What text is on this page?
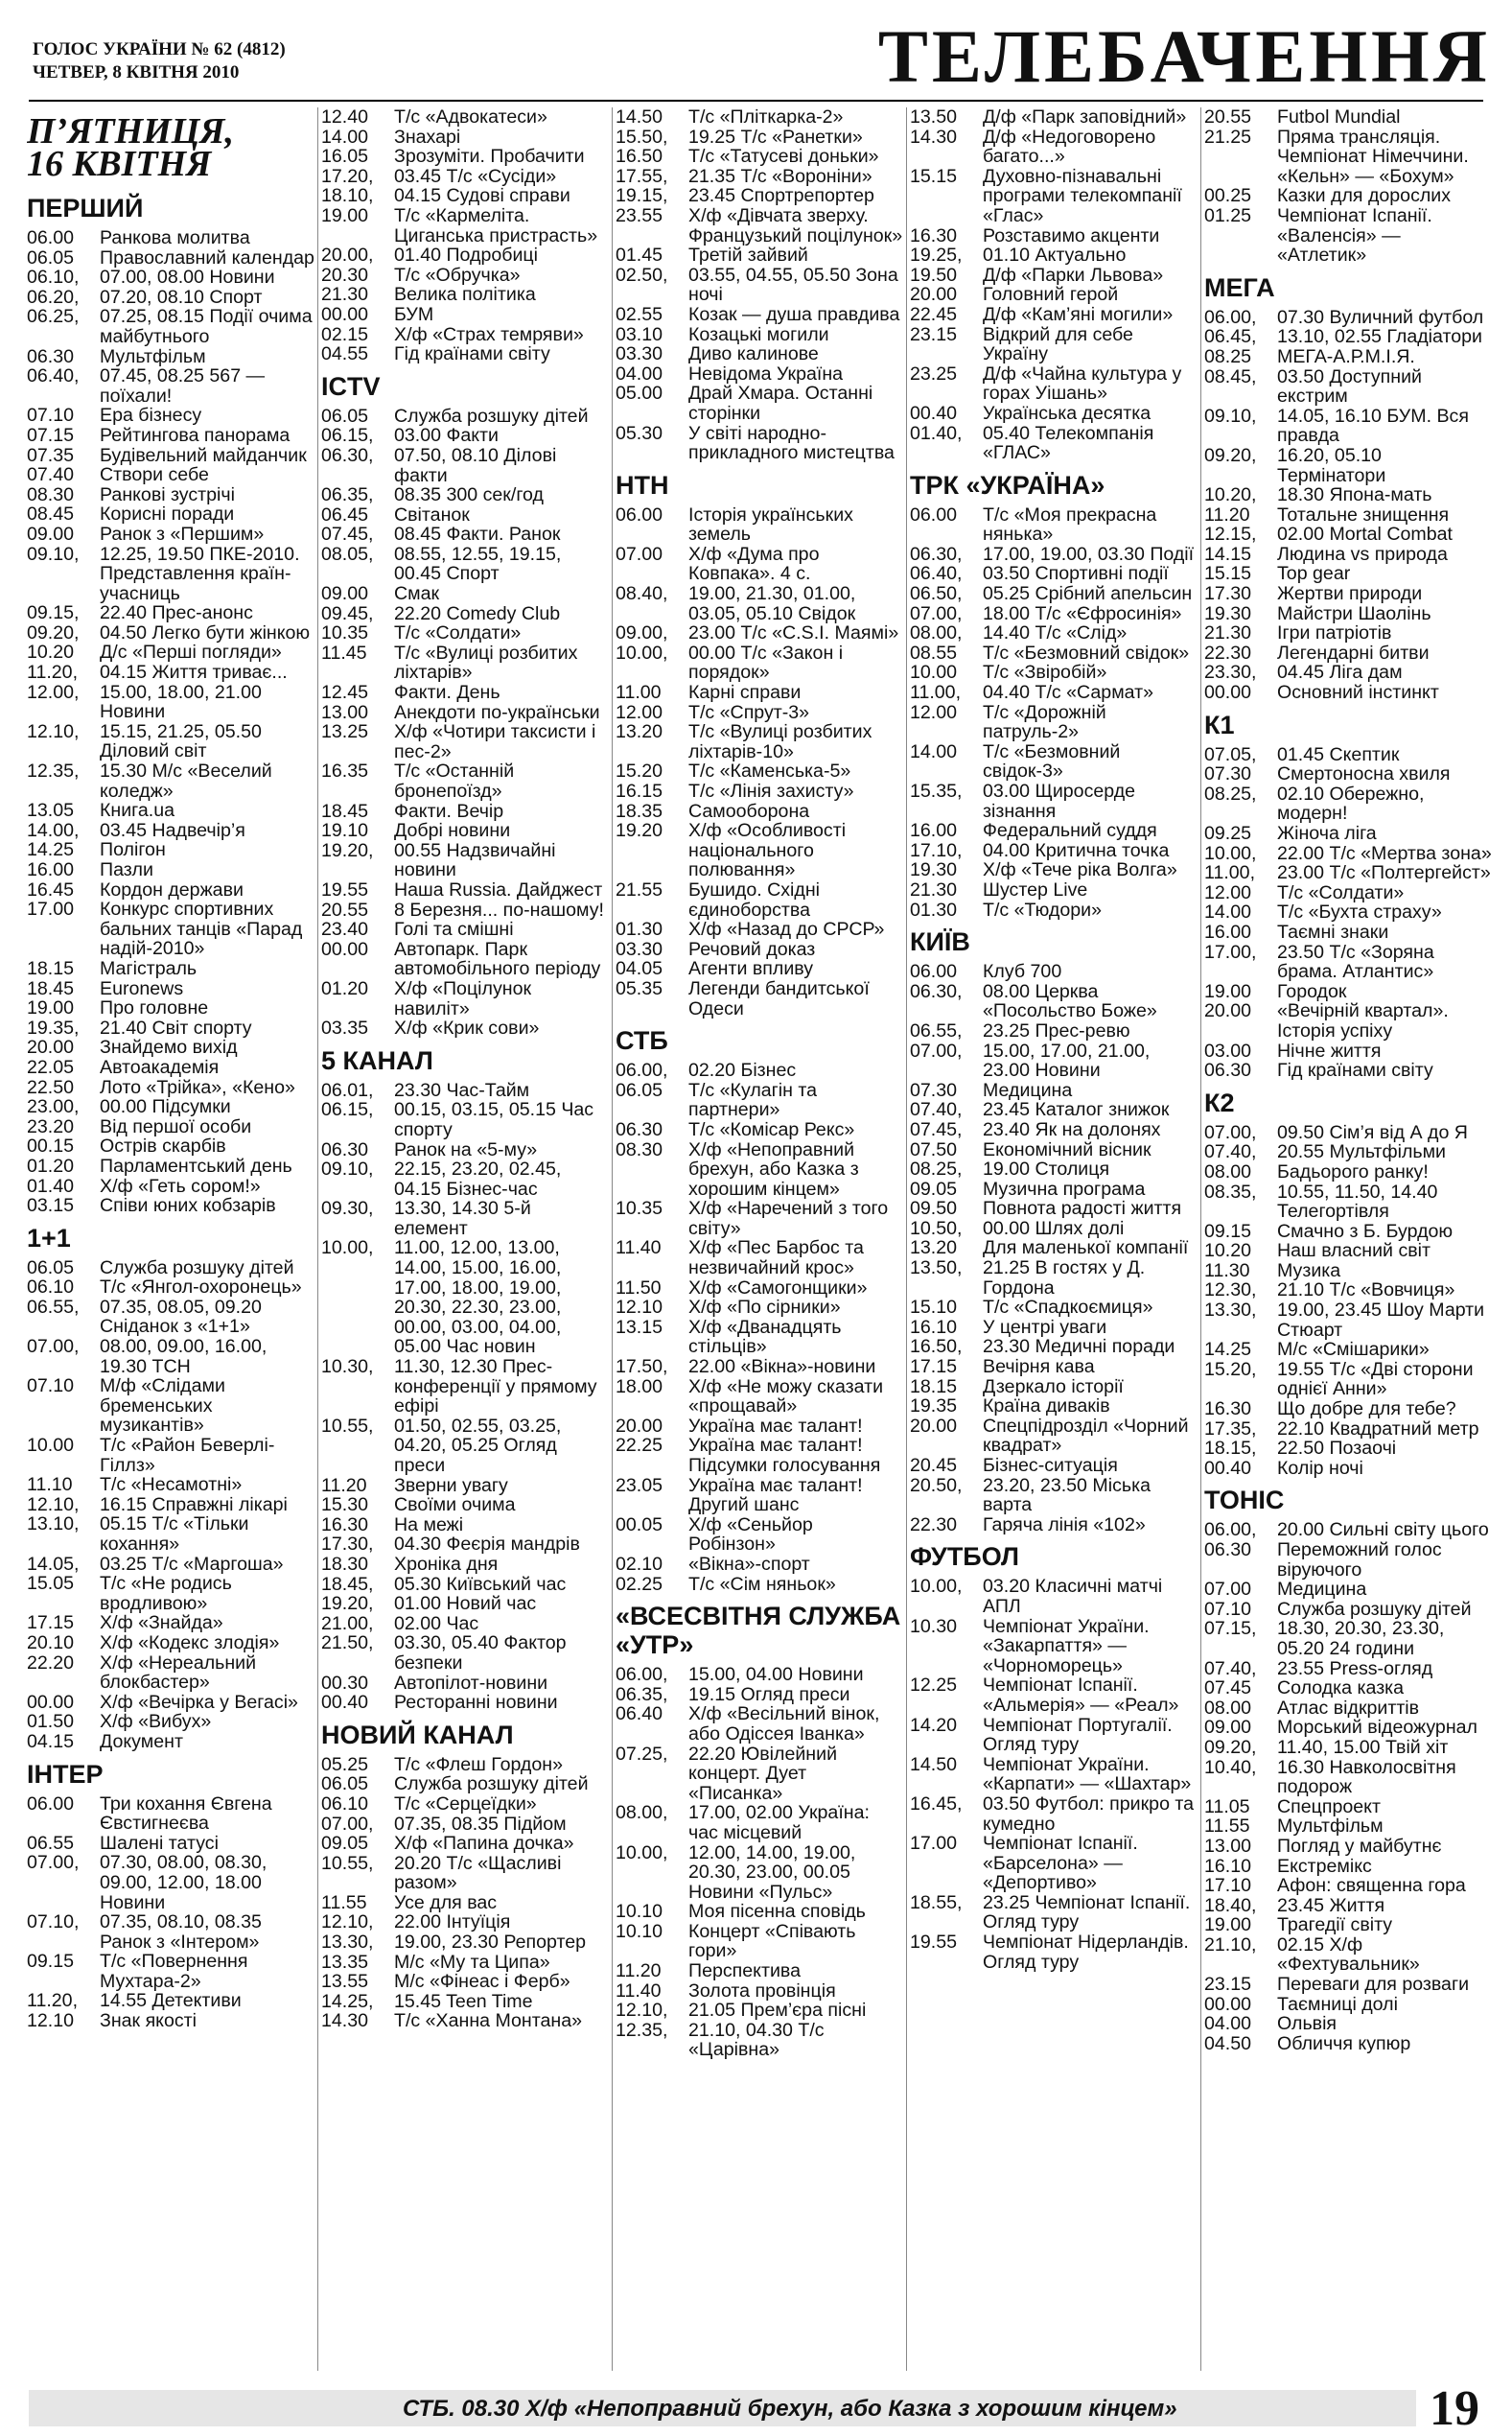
ГОЛОС УКРАЇНИ № 62 (4812)
ЧЕТВЕР, 8 КВІТНЯ 2010	ТЕЛЕБАЧЕННЯ
П’ЯТНИЦЯ,
16 КВІТНЯ
ПЕРШИЙ
06.00	Ранкова молитва
06.05	Православний календар
06.10,	07.00, 08.00 Новини
06.20,	07.20, 08.10 Спорт
06.25,	07.25, 08.15 Події очима майбутнього
06.30	Мультфільм
06.40,	07.45, 08.25 567 — поїхали!
07.10	Ера бізнесу
07.15	Рейтингова панорама
07.35	Будівельний майданчик
07.40	Створи себе
08.30	Ранкові зустрічі
08.45	Корисні поради
09.00	Ранок з «Першим»
09.10,	12.25, 19.50 ПКЕ-2010. Представлення країн-учасниць
09.15,	22.40 Прес-анонс
09.20,	04.50 Легко бути жінкою
10.20	Д/с «Перші погляди»
11.20,	04.15 Життя триває...
12.00,	15.00, 18.00, 21.00 Новини
12.10,	15.15, 21.25, 05.50 Діловий світ
12.35,	15.30 М/с «Веселий коледж»
13.05	Книга.ua
14.00,	03.45 Надвечір’я
14.25	Полігон
16.00	Пазли
16.45	Кордон держави
17.00	Конкурс спортивних бальних танців «Парад надій-2010»
18.15	Магістраль
18.45	Euronews
19.00	Про головне
19.35,	21.40 Світ спорту
20.00	Знайдемо вихід
22.05	Автоакадемія
22.50	Лото «Трійка», «Кено»
23.00,	00.00 Підсумки
23.20	Від першої особи
00.15	Острів скарбів
01.20	Парламентський день
01.40	Х/ф «Геть сором!»
03.15	Співи юних кобзарів
1+1
06.05	Служба розшуку дітей
06.10	Т/с «Янгол-охоронець»
06.55,	07.35, 08.05, 09.20 Сніданок з «1+1»
07.00,	08.00, 09.00, 16.00, 19.30 ТСН
07.10	М/ф «Слідами бременських музикантів»
10.00	Т/с «Район Беверлі-Гіллз»
11.10	Т/с «Несамотні»
12.10,	16.15 Справжні лікарі
13.10,	05.15 Т/с «Тільки кохання»
14.05,	03.25 Т/с «Маргоша»
15.05	Т/с «Не родись вродливою»
17.15	Х/ф «Знайда»
20.10	Х/ф «Кодекс злодія»
22.20	Х/ф «Нереальний блокбастер»
00.00	Х/ф «Вечірка у Вегасі»
01.50	Х/ф «Вибух»
04.15	Документ
ІНТЕР
06.00	Три кохання Євгена Євстигнеєва
06.55	Шалені татусі
07.00,	07.30, 08.00, 08.30, 09.00, 12.00, 18.00 Новини
07.10,	07.35, 08.10, 08.35 Ранок з «Інтером»
09.15	Т/с «Повернення Мухтара-2»
11.20,	14.55 Детективи
12.10	Знак якості
12.40	Т/с «Адвокатеси»
14.00	Знахарі
16.05	Зрозуміти. Пробачити
17.20,	03.45 Т/с «Сусіди»
18.10,	04.15 Судові справи
19.00	Т/с «Кармеліта. Циганська пристрасть»
20.00,	01.40 Подробиці
20.30	Т/с «Обручка»
21.30	Велика політика
00.00	БУМ
02.15	Х/ф «Страх темряви»
04.55	Гід країнами світу
ICTV
06.05	Служба розшуку дітей
06.15,	03.00 Факти
06.30,	07.50, 08.10 Ділові факти
06.35,	08.35 300 сек/год
06.45	Світанок
07.45,	08.45 Факти. Ранок
08.05,	08.55, 12.55, 19.15, 00.45 Спорт
09.00	Смак
09.45,	22.20 Comedy Club
10.35	Т/с «Солдати»
11.45	Т/с «Вулиці розбитих ліхтарів»
12.45	Факти. День
13.00	Анекдоти по-українськи
13.25	Х/ф «Чотири таксисти і пес-2»
16.35	Т/с «Останній бронепоїзд»
18.45	Факти. Вечір
19.10	Добрі новини
19.20,	00.55 Надзвичайні новини
19.55	Наша Russia. Дайджест
20.55	8 Березня... по-нашому!
23.40	Голі та смішні
00.00	Автопарк. Парк автомобільного періоду
01.20	Х/ф «Поцілунок навиліт»
03.35	Х/ф «Крик сови»
5 КАНАЛ
06.01,	23.30 Час-Тайм
06.15,	00.15, 03.15, 05.15 Час спорту
06.30	Ранок на «5-му»
09.10,	22.15, 23.20, 02.45, 04.15 Бізнес-час
09.30,	13.30, 14.30 5-й елемент
10.00,	11.00, 12.00, 13.00, 14.00, 15.00, 16.00, 17.00, 18.00, 19.00, 20.30, 22.30, 23.00, 00.00, 03.00, 04.00, 05.00 Час новин
10.30,	11.30, 12.30 Прес-конференції у прямому ефірі
10.55,	01.50, 02.55, 03.25, 04.20, 05.25 Огляд преси
11.20	Зверни увагу
15.30	Своїми очима
16.30	На межі
17.30,	04.30 Феєрія мандрів
18.30	Хроніка дня
18.45,	05.30 Київський час
19.20,	01.00 Новий час
21.00,	02.00 Час
21.50,	03.30, 05.40 Фактор безпеки
00.30	Автопілот-новини
00.40	Ресторанні новини
НОВИЙ КАНАЛ
05.25	Т/с «Флеш Гордон»
06.05	Служба розшуку дітей
06.10	Т/с «Серцеїдки»
07.00,	07.35, 08.35 Підйом
09.05	Х/ф «Папина дочка»
10.55,	20.20 Т/с «Щасливі разом»
11.55	Усе для вас
12.10,	22.00 Інтуїція
13.30,	19.00, 23.30 Репортер
13.35	М/с «Му та Ципа»
13.55	М/с «Фінеас і Ферб»
14.25,	15.45 Teen Time
14.30	Т/с «Ханна Монтана»
14.50	Т/с «Пліткарка-2»
15.50,	19.25 Т/с «Ранетки»
16.50	Т/с «Татусеві доньки»
17.55,	21.35 Т/с «Вороніни»
19.15,	23.45 Спортрепортер
23.55	Х/ф «Дівчата зверху. Французький поцілунок»
01.45	Третій зайвий
02.50,	03.55, 04.55, 05.50 Зона ночі
02.55	Козак — душа правдива
03.10	Козацькі могили
03.30	Диво калинове
04.00	Невідома Україна
05.00	Драй Хмара. Останні сторінки
05.30	У світі народно-прикладного мистецтва
НТН
06.00	Історія українських земель
07.00	Х/ф «Дума про Ковпака». 4 с.
08.40,	19.00, 21.30, 01.00, 03.05, 05.10 Свідок
09.00,	23.00 Т/с «C.S.I. Маямі»
10.00,	00.00 Т/с «Закон і порядок»
11.00	Карні справи
12.00	Т/с «Спрут-3»
13.20	Т/с «Вулиці розбитих ліхтарів-10»
15.20	Т/с «Каменська-5»
16.15	Т/с «Лінія захисту»
18.35	Самооборона
19.20	Х/ф «Особливості національного полювання»
21.55	Бушидо. Східні єдиноборства
01.30	Х/ф «Назад до СРСР»
03.30	Речовий доказ
04.05	Агенти впливу
05.35	Легенди бандитської Одеси
СТБ
06.00,	02.20 Бізнес
06.05	Т/с «Кулагін та партнери»
06.30	Т/с «Комісар Рекс»
08.30	Х/ф «Непоправний брехун, або Казка з хорошим кінцем»
10.35	Х/ф «Наречений з того світу»
11.40	Х/ф «Пес Барбос та незвичайний крос»
11.50	Х/ф «Самогонщики»
12.10	Х/ф «По сірники»
13.15	Х/ф «Дванадцять стільців»
17.50,	22.00 «Вікна»-новини
18.00	Х/ф «Не можу сказати «прощавай»
20.00	Україна має талант!
22.25	Україна має талант! Підсумки голосування
23.05	Україна має талант! Другий шанс
00.05	Х/ф «Сеньйор Робінзон»
02.10	«Вікна»-спорт
02.25	Т/с «Сім няньок»
«ВСЕСВІТНЯ СЛУЖБА «УТР»
06.00,	15.00, 04.00 Новини
06.35,	19.15 Огляд преси
06.40	Х/ф «Весільний вінок, або Одіссея Іванка»
07.25,	22.20 Ювілейний концерт. Дует «Писанка»
08.00,	17.00, 02.00 Україна: час місцевий
10.00,	12.00, 14.00, 19.00, 20.30, 23.00, 00.05 Новини «Пульс»
10.10	Моя пісенна сповідь
10.10	Концерт «Співають гори»
11.20	Перспектива
11.40	Золота провінція
12.10,	21.05 Прем’єра пісні
12.35,	21.10, 04.30 Т/с «Царівна»
13.50	Д/ф «Парк заповідний»
14.30	Д/ф «Недоговорено багато...»
15.15	Духовно-пізнавальні програми телекомпанії «Глас»
16.30	Розставимо акценти
19.25,	01.10 Актуально
19.50	Д/ф «Парки Львова»
20.00	Головний герой
22.45	Д/ф «Кам’яні могили»
23.15	Відкрий для себе Україну
23.25	Д/ф «Чайна культура у горах Уішань»
00.40	Українська десятка
01.40,	05.40 Телекомпанія «ГЛАС»
ТРК «УКРАЇНА»
06.00	Т/с «Моя прекрасна нянька»
06.30,	17.00, 19.00, 03.30 Події
06.40,	03.50 Спортивні події
06.50,	05.25 Срібний апельсин
07.00,	18.00 Т/с «Єфросинія»
08.00,	14.40 Т/с «Слід»
08.55	Т/с «Безмовний свідок»
10.00	Т/с «Звіробій»
11.00,	04.40 Т/с «Сармат»
12.00	Т/с «Дорожній патруль-2»
14.00	Т/с «Безмовний свідок-3»
15.35,	03.00 Щиросерде зізнання
16.00	Федеральний суддя
17.10,	04.00 Критична точка
19.30	Х/ф «Тече ріка Волга»
21.30	Шустер Live
01.30	Т/с «Тюдори»
КИЇВ
06.00	Клуб 700
06.30,	08.00 Церква «Посольство Боже»
06.55,	23.25 Прес-ревю
07.00,	15.00, 17.00, 21.00, 23.00 Новини
07.30	Медицина
07.40,	23.45 Каталог знижок
07.45,	23.40 Як на долонях
07.50	Економічний вісник
08.25,	19.00 Столиця
09.05	Музична програма
09.50	Повнота радості життя
10.50,	00.00 Шлях долі
13.20	Для маленької компанії
13.50,	21.25 В гостях у Д. Гордона
15.10	Т/с «Спадкоємиця»
16.10	У центрі уваги
16.50,	23.30 Медичні поради
17.15	Вечірня кава
18.15	Дзеркало історії
19.35	Країна диваків
20.00	Спецпідрозділ «Чорний квадрат»
20.45	Бізнес-ситуація
20.50,	23.20, 23.50 Міська варта
22.30	Гаряча лінія «102»
ФУТБОЛ
10.00,	03.20 Класичні матчі АПЛ
10.30	Чемпіонат України. «Закарпаття» — «Чорноморець»
12.25	Чемпіонат Іспанії. «Альмерія» — «Реал»
14.20	Чемпіонат Португалії. Огляд туру
14.50	Чемпіонат України. «Карпати» — «Шахтар»
16.45,	03.50 Футбол: прикро та кумедно
17.00	Чемпіонат Іспанії. «Барселона» — «Депортиво»
18.55,	23.25 Чемпіонат Іспанії. Огляд туру
19.55	Чемпіонат Нідерландів. Огляд туру
20.55	Futbol Mundial
21.25	Пряма трансляція. Чемпіонат Німеччини. «Кельн» — «Бохум»
00.25	Казки для дорослих
01.25	Чемпіонат Іспанії. «Валенсія» — «Атлетик»
МЕГА
06.00,	07.30 Вуличний футбол
06.45,	13.10, 02.55 Гладіатори
08.25	МЕГА-А.Р.М.І.Я.
08.45,	03.50 Доступний екстрим
09.10,	14.05, 16.10 БУМ. Вся правда
09.20,	16.20, 05.10 Термінатори
10.20,	18.30 Япона-мать
11.20	Тотальне знищення
12.15,	02.00 Mortal Combat
14.15	Людина vs природа
15.15	Top gear
17.30	Жертви природи
19.30	Майстри Шаолінь
21.30	Ігри патріотів
22.30	Легендарні битви
23.30,	04.45 Ліга дам
00.00	Основний інстинкт
К1
07.05,	01.45 Скептик
07.30	Смертоносна хвиля
08.25,	02.10 Обережно, модерн!
09.25	Жіноча ліга
10.00,	22.00 Т/с «Мертва зона»
11.00,	23.00 Т/с «Полтергейст»
12.00	Т/с «Солдати»
14.00	Т/с «Бухта страху»
16.00	Таємні знаки
17.00,	23.50 Т/с «Зоряна брама. Атлантис»
19.00	Городок
20.00	«Вечірній квартал». Історія успіху
03.00	Нічне життя
06.30	Гід країнами світу
К2
07.00,	09.50 Сім’я від А до Я
07.40,	20.55 Мультфільми
08.00	Бадьорого ранку!
08.35,	10.55, 11.50, 14.40 Телегортівля
09.15	Смачно з Б. Бурдою
10.20	Наш власний світ
11.30	Музика
12.30,	21.10 Т/с «Вовчиця»
13.30,	19.00, 23.45 Шоу Марти Стюарт
14.25	М/с «Смішарики»
15.20,	19.55 Т/с «Дві сторони однієї Анни»
16.30	Що добре для тебе?
17.35,	22.10 Квадратний метр
18.15,	22.50 Позаочі
00.40	Колір ночі
ТОНІС
06.00,	20.00 Сильні світу цього
06.30	Переможний голос віруючого
07.00	Медицина
07.10	Служба розшуку дітей
07.15,	18.30, 20.30, 23.30, 05.20 24 години
07.40,	23.55 Press-огляд
07.45	Солодка казка
08.00	Атлас відкриттів
09.00	Морський відеожурнал
09.20,	11.40, 15.00 Твій хіт
10.40,	16.30 Навколосвітня подорож
11.05	Спецпроект
11.55	Мультфільм
13.00	Погляд у майбутнє
16.10	Екстремікс
17.10	Афон: священна гора
18.40,	23.45 Життя
19.00	Трагедії світу
21.10,	02.15 Х/ф «Фехтувальник»
23.15	Переваги для розваги
00.00	Таємниці долі
04.00	Ольвія
04.50	Обличчя купюр
СТБ. 08.30 Х/ф «Непоправний брехун, або Казка з хорошим кінцем»	19
